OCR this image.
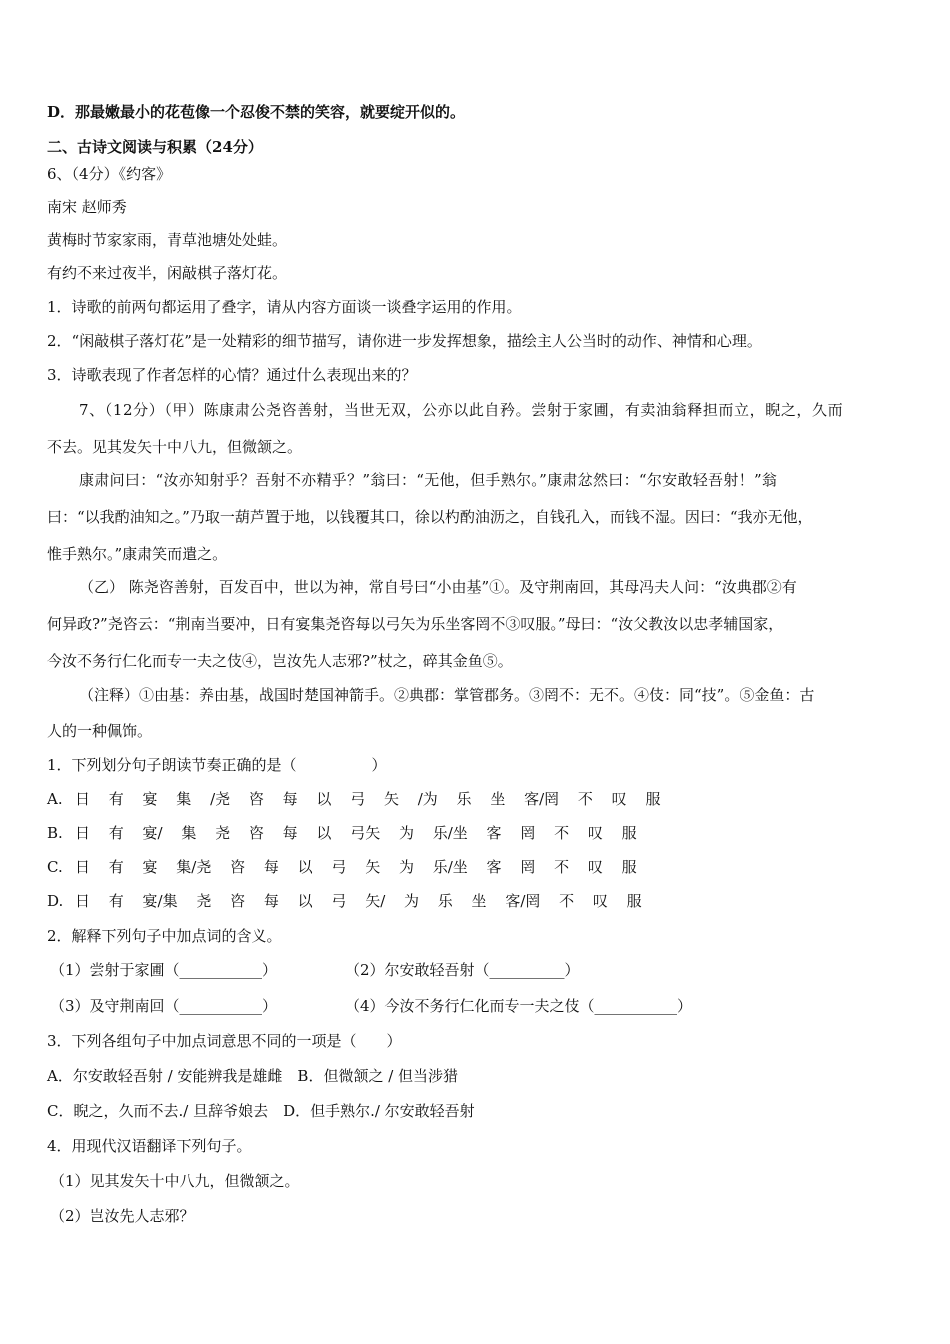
D．那最嫩最小的花苞像一个忍俊不禁的笑容，就要绽开似的。
二、古诗文阅读与积累（24分）
6、（4分）《约客》
南宋 赵师秀
黄梅时节家家雨，青草池塘处处蛙。
有约不来过夜半，闲敲棋子落灯花。
1．诗歌的前两句都运用了叠字，请从内容方面谈一谈叠字运用的作用。
2．“闲敲棋子落灯花”是一处精彩的细节描写，请你进一步发挥想象，描绘主人公当时的动作、神情和心理。
3．诗歌表现了作者怎样的心情？通过什么表现出来的？
7、（12分）（甲）陈康肃公尧咨善射，当世无双，公亦以此自矜。尝射于家圃，有卖油翁释担而立，睨之，久而
不去。见其发矢十中八九，但微颔之。
康肃问曰：“汝亦知射乎？吾射不亦精乎？”翁曰：“无他，但手熟尔。”康肃忿然曰：“尔安敢轻吾射！”翁
曰：“以我酌油知之。”乃取一葫芦置于地，以钱覆其口，徐以杓酌油沥之，自钱孔入，而钱不湿。因曰：“我亦无他，
惟手熟尔。”康肃笑而遣之。
（乙） 陈尧咨善射，百发百中，世以为神，常自号曰“小由基”①。及守荆南回，其母冯夫人问：“汝典郡②有
何异政?”尧咨云：“荆南当要冲，日有宴集尧咨每以弓矢为乐坐客罔不③叹服。”母曰：“汝父教汝以忠孝辅国家，
今汝不务行仁化而专一夫之伎④，岂汝先人志邪?”杖之，碎其金鱼⑤。
（注释）①由基：养由基，战国时楚国神箭手。②典郡：掌管郡务。③罔不：无不。④伎：同“技”。⑤金鱼：古
人的一种佩饰。
1．下列划分句子朗读节奏正确的是（　　　　　）
A. 日 有 宴 集 /尧 咨 每 以 弓 矢 /为 乐 坐 客/罔 不 叹 服
B. 日 有 宴/ 集 尧 咨 每 以 弓矢 为 乐/坐 客 罔 不 叹 服
C. 日 有 宴 集/尧 咨 每 以 弓 矢 为 乐/坐 客 罔 不 叹 服
D. 日 有 宴/集 尧 咨 每 以 弓 矢/ 为 乐 坐 客/罔 不 叹 服
2．解释下列句子中加点词的含义。
（1）尝射于家圃（___________）	（2）尔安敢轻吾射（__________）
（3）及守荆南回（___________）	（4）今汝不务行仁化而专一夫之伎（___________）
3．下列各组句子中加点词意思不同的一项是（　　）
A．尔安敢轻吾射 / 安能辨我是雄雌　B．但微颔之 / 但当涉猎
C．睨之，久而不去./ 旦辞爷娘去　D．但手熟尔./ 尔安敢轻吾射
4．用现代汉语翻译下列句子。
（1）见其发矢十中八九，但微颔之。
（2）岂汝先人志邪？
